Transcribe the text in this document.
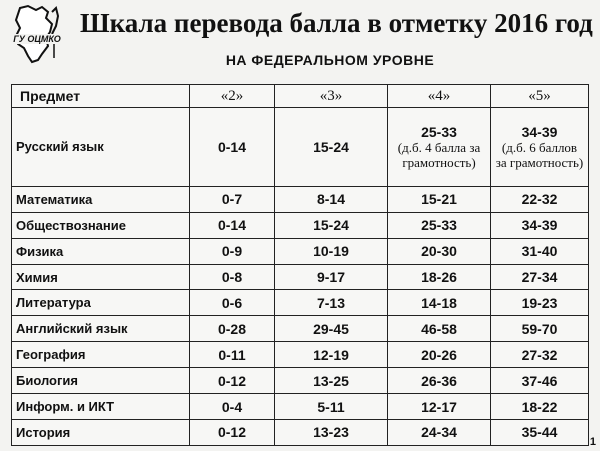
ГУ ОЦМКО
Шкала перевода балла в отметку 2016 год
НА ФЕДЕРАЛЬНОМ УРОВНЕ
Предмет	«2»	«3»	«4»	«5»
Русский язык	0-14	15-24	25-33
(д.б. 4 балла за грамотность)	34-39
(д.б. 6 баллов за грамотность)

Математика	0-7	8-14	15-21	22-32
Обществознание	0-14	15-24	25-33	34-39
Физика	0-9	10-19	20-30	31-40
Химия	0-8	9-17	18-26	27-34
Литература	0-6	7-13	14-18	19-23
Английский язык	0-28	29-45	46-58	59-70
География	0-11	12-19	20-26	27-32
Биология	0-12	13-25	26-36	37-46
Информ. и ИКТ	0-4	5-11	12-17	18-22
История	0-12	13-23	24-34	35-44
1
